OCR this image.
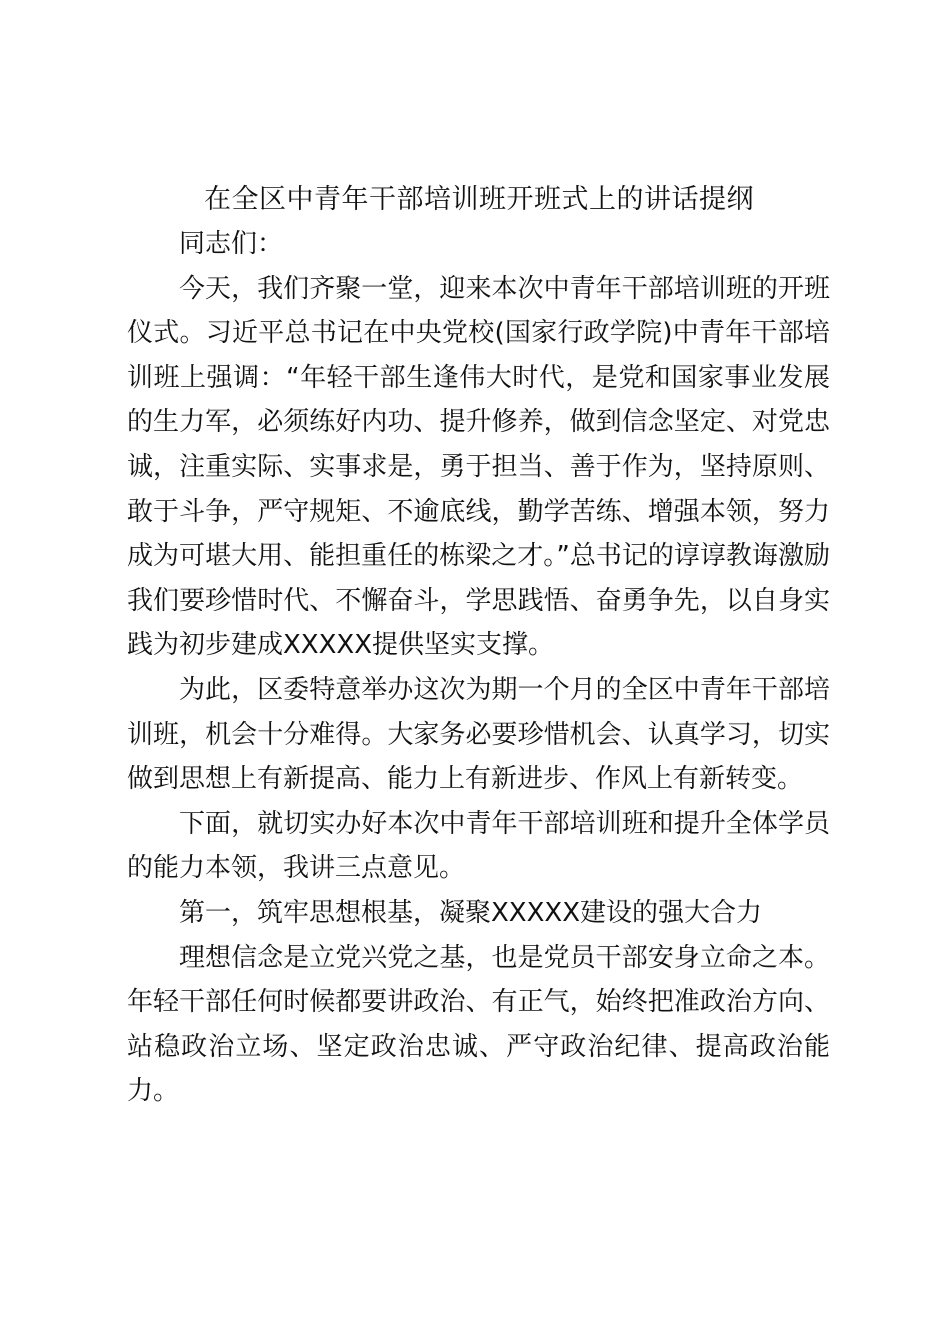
在全区中青年干部培训班开班式上的讲话提纲

同志们：

今天，我们齐聚一堂，迎来本次中青年干部培训班的开班仪式。习近平总书记在中央党校(国家行政学院)中青年干部培训班上强调：“年轻干部生逢伟大时代，是党和国家事业发展的生力军，必须练好内功、提升修养，做到信念坚定、对党忠诚，注重实际、实事求是，勇于担当、善于作为，坚持原则、敢于斗争，严守规矩、不逾底线，勤学苦练、增强本领，努力成为可堪大用、能担重任的栋梁之才。”总书记的谆谆教诲激励我们要珍惜时代、不懈奋斗，学思践悟、奋勇争先，以自身实践为初步建成XXXXX提供坚实支撑。

为此，区委特意举办这次为期一个月的全区中青年干部培训班，机会十分难得。大家务必要珍惜机会、认真学习，切实做到思想上有新提高、能力上有新进步、作风上有新转变。

下面，就切实办好本次中青年干部培训班和提升全体学员的能力本领，我讲三点意见。

第一，筑牢思想根基，凝聚XXXXX建设的强大合力

理想信念是立党兴党之基，也是党员干部安身立命之本。年轻干部任何时候都要讲政治、有正气，始终把准政治方向、站稳政治立场、坚定政治忠诚、严守政治纪律、提高政治能力。
